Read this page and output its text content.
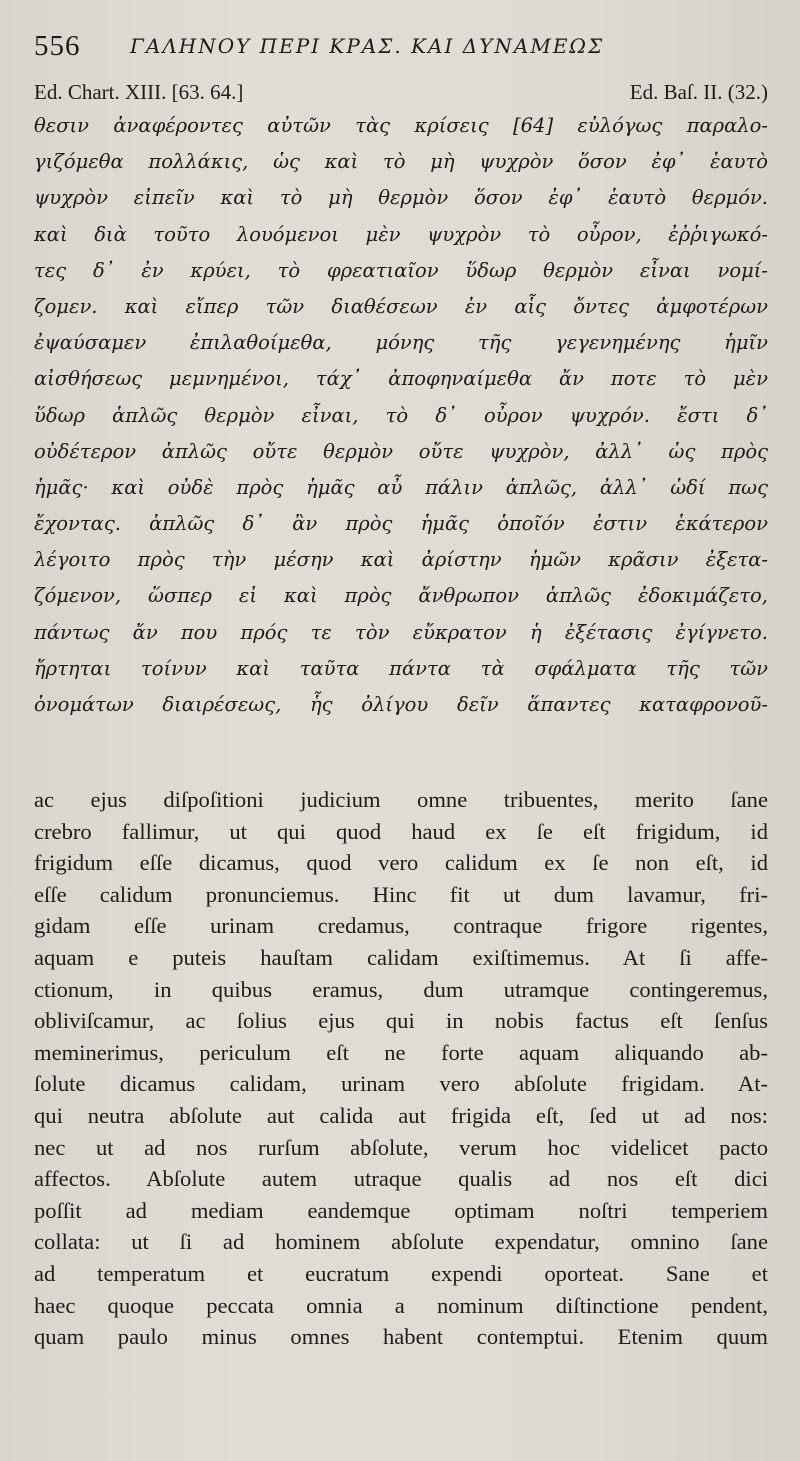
556 ΓΑΛΗΝΟΥ ΠΕΡΙ ΚΡΑΣ. ΚΑΙ ΔΥΝΑΜΕΩΣ
Ed. Chart. XIII. [63. 64.]	Ed. Baſ. II. (32.)
θεσιν ἀναφέροντες αὐτῶν τὰς κρίσεις [64] εὐλόγως παραλο-
γιζόμεθα πολλάκις, ὡς καὶ τὸ μὴ ψυχρὸν ὅσον ἐφ᾽ ἑαυτὸ
ψυχρὸν εἰπεῖν καὶ τὸ μὴ θερμὸν ὅσον ἐφ᾽ ἑαυτὸ θερμόν.
καὶ διὰ τοῦτο λουόμενοι μὲν ψυχρὸν τὸ οὖρον, ἐῤῥιγωκό-
τες δ᾽ ἐν κρύει, τὸ φρεατιαῖον ὕδωρ θερμὸν εἶναι νομί-
ζομεν. καὶ εἴπερ τῶν διαθέσεων ἐν αἷς ὄντες ἀμφοτέρων
ἐψαύσαμεν ἐπιλαθοίμεθα, μόνης τῆς γεγενημένης ἡμῖν
αἰσθήσεως μεμνημένοι, τάχ᾽ ἀποφηναίμεθα ἄν ποτε τὸ μὲν
ὕδωρ ἁπλῶς θερμὸν εἶναι, τὸ δ᾽ οὖρον ψυχρόν. ἔστι δ᾽
οὐδέτερον ἁπλῶς οὔτε θερμὸν οὔτε ψυχρὸν, ἀλλ᾽ ὡς πρὸς
ἡμᾶς· καὶ οὐδὲ πρὸς ἡμᾶς αὖ πάλιν ἁπλῶς, ἀλλ᾽ ὡδί πως
ἔχοντας. ἁπλῶς δ᾽ ἂν πρὸς ἡμᾶς ὁποῖόν ἐστιν ἑκάτερον
λέγοιτο πρὸς τὴν μέσην καὶ ἀρίστην ἡμῶν κρᾶσιν ἐξετα-
ζόμενον, ὥσπερ εἰ καὶ πρὸς ἄνθρωπον ἁπλῶς ἐδοκιμάζετο,
πάντως ἄν που πρός τε τὸν εὔκρατον ἡ ἐξέτασις ἐγίγνετο.
ἤρτηται τοίνυν καὶ ταῦτα πάντα τὰ σφάλματα τῆς τῶν
ὀνομάτων διαιρέσεως, ἧς ὀλίγου δεῖν ἅπαντες καταφρονοῦ-
ac ejus diſpoſitioni judicium omne tribuentes, merito ſane
crebro fallimur, ut qui quod haud ex ſe eſt frigidum, id
frigidum eſſe dicamus, quod vero calidum ex ſe non eſt, id
eſſe calidum pronunciemus. Hinc fit ut dum lavamur, fri-
gidam eſſe urinam credamus, contraque frigore rigentes,
aquam e puteis hauſtam calidam exiſtimemus. At ſi affe-
ctionum, in quibus eramus, dum utramque contingeremus,
obliviſcamur, ac ſolius ejus qui in nobis factus eſt ſenſus
meminerimus, periculum eſt ne forte aquam aliquando ab-
ſolute dicamus calidam, urinam vero abſolute frigidam. At-
qui neutra abſolute aut calida aut frigida eſt, ſed ut ad nos:
nec ut ad nos rurſum abſolute, verum hoc videlicet pacto
affectos. Abſolute autem utraque qualis ad nos eſt dici
poſſit ad mediam eandemque optimam noſtri temperiem
collata: ut ſi ad hominem abſolute expendatur, omnino ſane
ad temperatum et eucratum expendi oporteat. Sane et
haec quoque peccata omnia a nominum diſtinctione pendent,
quam paulo minus omnes habent contemptui. Etenim quum
